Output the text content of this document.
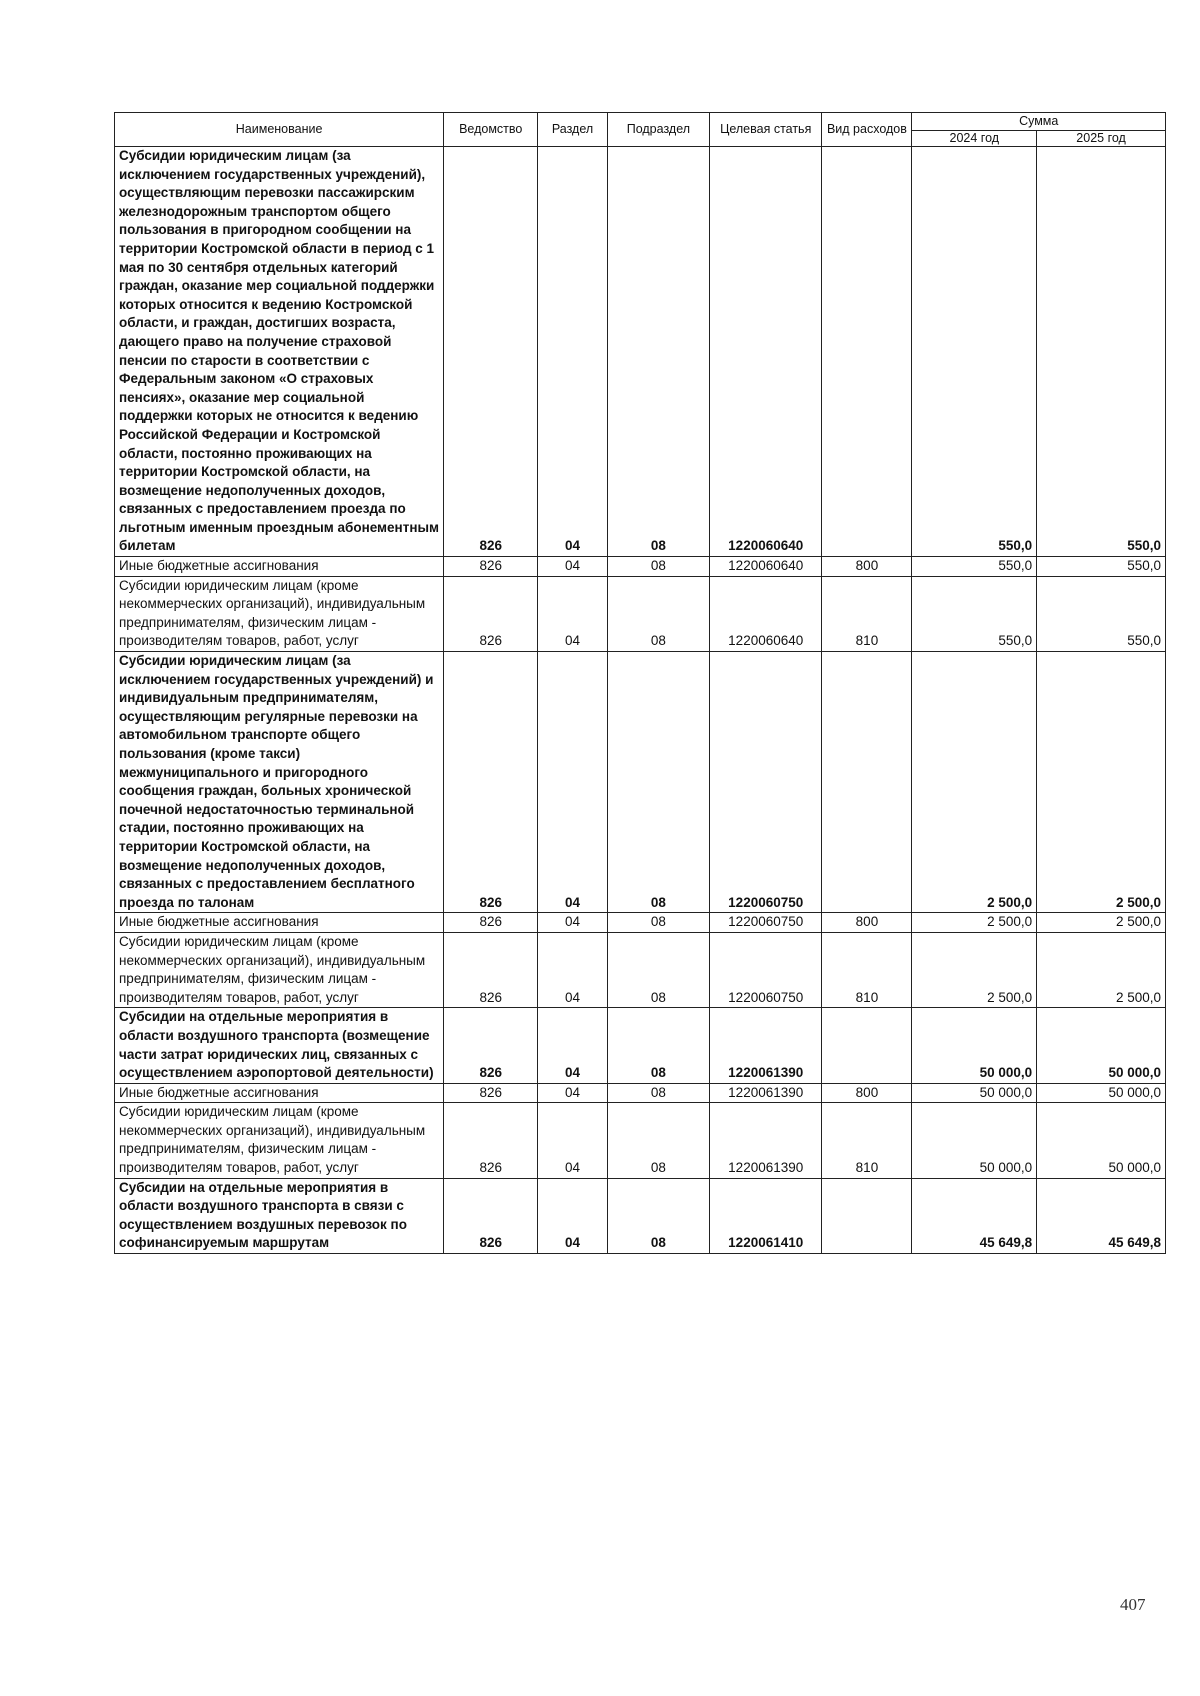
Наименование	Ведомство	Раздел	Подраздел	Целевая статья	Вид расходов	Сумма	
						2024 год	2025 год
Субсидии юридическим лицам (за исключением государственных учреждений), осуществляющим перевозки пассажирским железнодорожным транспортом общего пользования в пригородном сообщении на территории Костромской области в период с 1 мая по 30 сентября отдельных категорий граждан, оказание мер социальной поддержки которых относится к ведению Костромской области, и граждан, достигших возраста, дающего право на получение страховой пенсии по старости в соответствии с Федеральным законом «О страховых пенсиях», оказание мер социальной поддержки которых не относится к ведению Российской Федерации и Костромской области, постоянно проживающих на территории Костромской области, на возмещение недополученных доходов, связанных с предоставлением проезда по льготным именным проездным абонементным билетам	826	04	08	1220060640		550,0	550,0
Иные бюджетные ассигнования	826	04	08	1220060640	800	550,0	550,0
Субсидии юридическим лицам (кроме некоммерческих организаций), индивидуальным предпринимателям, физическим лицам - производителям товаров, работ, услуг	826	04	08	1220060640	810	550,0	550,0
Субсидии юридическим лицам (за исключением государственных учреждений) и индивидуальным предпринимателям, осуществляющим регулярные перевозки на автомобильном транспорте общего пользования (кроме такси) межмуниципального и пригородного сообщения граждан, больных хронической почечной недостаточностью терминальной стадии, постоянно проживающих на территории Костромской области, на возмещение недополученных доходов, связанных с предоставлением бесплатного проезда по талонам	826	04	08	1220060750		2 500,0	2 500,0
Иные бюджетные ассигнования	826	04	08	1220060750	800	2 500,0	2 500,0
Субсидии юридическим лицам (кроме некоммерческих организаций), индивидуальным предпринимателям, физическим лицам - производителям товаров, работ, услуг	826	04	08	1220060750	810	2 500,0	2 500,0
Субсидии на отдельные мероприятия в области воздушного транспорта (возмещение части затрат юридических лиц, связанных с осуществлением аэропортовой деятельности)	826	04	08	1220061390		50 000,0	50 000,0
Иные бюджетные ассигнования	826	04	08	1220061390	800	50 000,0	50 000,0
Субсидии юридическим лицам (кроме некоммерческих организаций), индивидуальным предпринимателям, физическим лицам - производителям товаров, работ, услуг	826	04	08	1220061390	810	50 000,0	50 000,0
Субсидии на отдельные мероприятия в области воздушного транспорта в связи с осуществлением воздушных перевозок по софинансируемым маршрутам	826	04	08	1220061410		45 649,8	45 649,8
407
